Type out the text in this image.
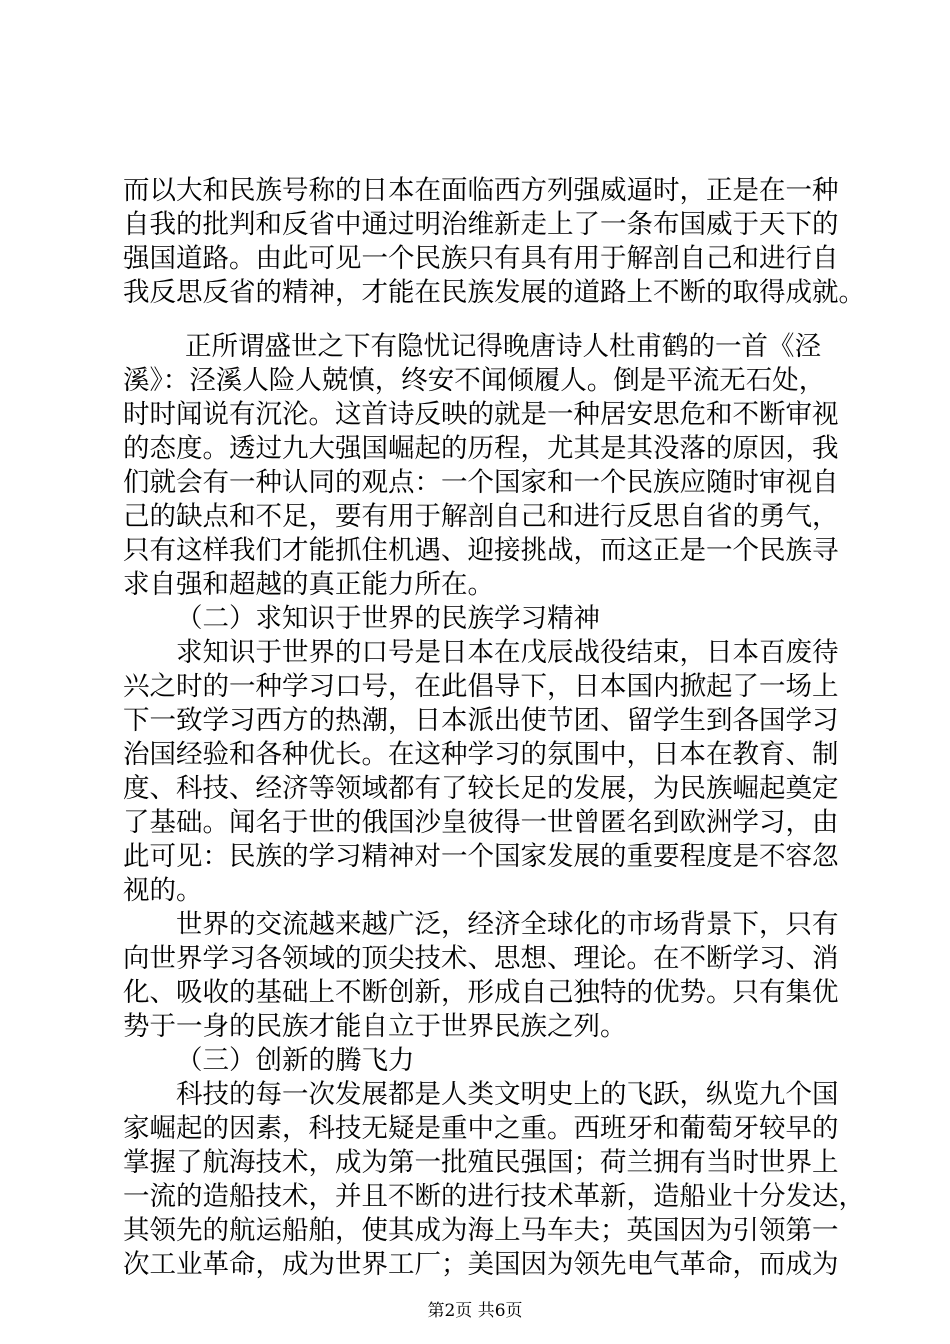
而以大和民族号称的日本在面临西方列强威逼时，正是在一种
自我的批判和反省中通过明治维新走上了一条布国威于天下的
强国道路。由此可见一个民族只有具有用于解剖自己和进行自
我反思反省的精神，才能在民族发展的道路上不断的取得成就。
正所谓盛世之下有隐忧记得晚唐诗人杜甫鹤的一首《泾
溪》：泾溪人险人兢慎，终安不闻倾履人。倒是平流无石处，
时时闻说有沉沦。这首诗反映的就是一种居安思危和不断审视
的态度。透过九大强国崛起的历程，尤其是其没落的原因，我
们就会有一种认同的观点：一个国家和一个民族应随时审视自
己的缺点和不足，要有用于解剖自己和进行反思自省的勇气，
只有这样我们才能抓住机遇、迎接挑战，而这正是一个民族寻
求自强和超越的真正能力所在。
（二）求知识于世界的民族学习精神
求知识于世界的口号是日本在戊辰战役结束，日本百废待
兴之时的一种学习口号，在此倡导下，日本国内掀起了一场上
下一致学习西方的热潮，日本派出使节团、留学生到各国学习
治国经验和各种优长。在这种学习的氛围中，日本在教育、制
度、科技、经济等领域都有了较长足的发展，为民族崛起奠定
了基础。闻名于世的俄国沙皇彼得一世曾匿名到欧洲学习，由
此可见：民族的学习精神对一个国家发展的重要程度是不容忽
视的。
世界的交流越来越广泛，经济全球化的市场背景下，只有
向世界学习各领域的顶尖技术、思想、理论。在不断学习、消
化、吸收的基础上不断创新，形成自己独特的优势。只有集优
势于一身的民族才能自立于世界民族之列。
（三）创新的腾飞力
科技的每一次发展都是人类文明史上的飞跃，纵览九个国
家崛起的因素，科技无疑是重中之重。西班牙和葡萄牙较早的
掌握了航海技术，成为第一批殖民强国；荷兰拥有当时世界上
一流的造船技术，并且不断的进行技术革新，造船业十分发达，
其领先的航运船舶，使其成为海上马车夫；英国因为引领第一
次工业革命，成为世界工厂；美国因为领先电气革命，而成为
第2页 共6页
